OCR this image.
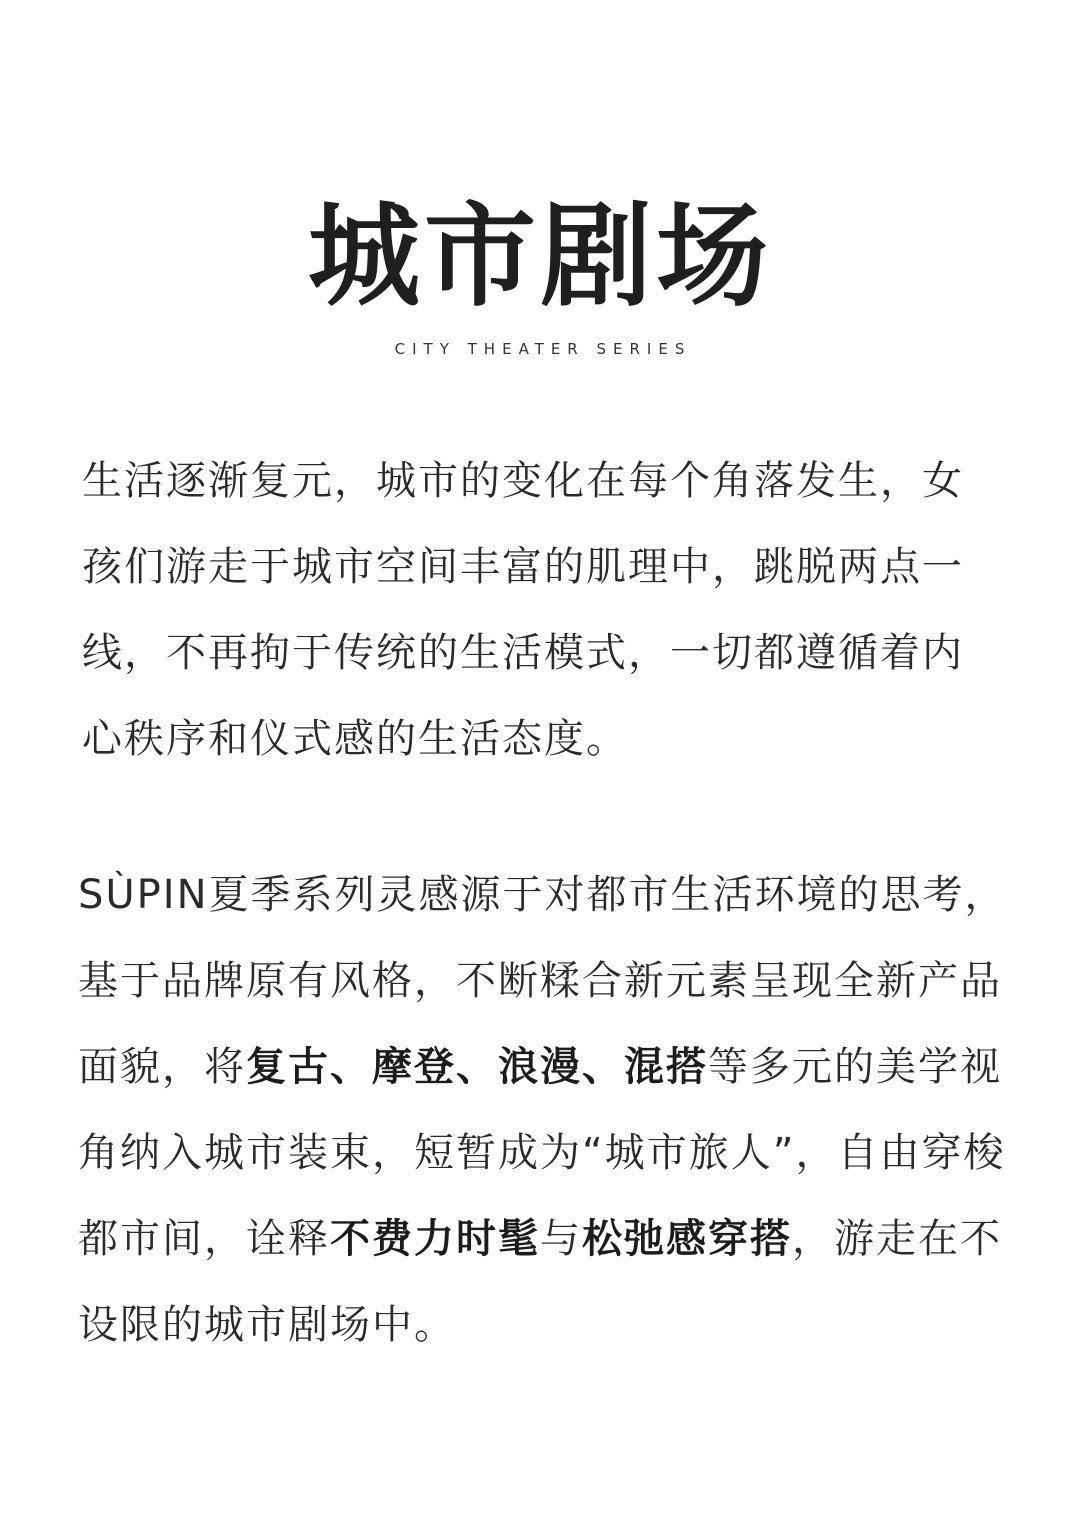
城市剧场
CITY THEATER SERIES

生活逐渐复元，城市的变化在每个角落发生，女孩们游走于城市空间丰富的肌理中，跳脱两点一线，不再拘于传统的生活模式，一切都遵循着内心秩序和仪式感的生活态度。

SÙPIN夏季系列灵感源于对都市生活环境的思考，基于品牌原有风格，不断糅合新元素呈现全新产品面貌，将复古、摩登、浪漫、混搭等多元的美学视角纳入城市装束，短暂成为“城市旅人”，自由穿梭都市间，诠释不费力时髦与松弛感穿搭，游走在不设限的城市剧场中。
